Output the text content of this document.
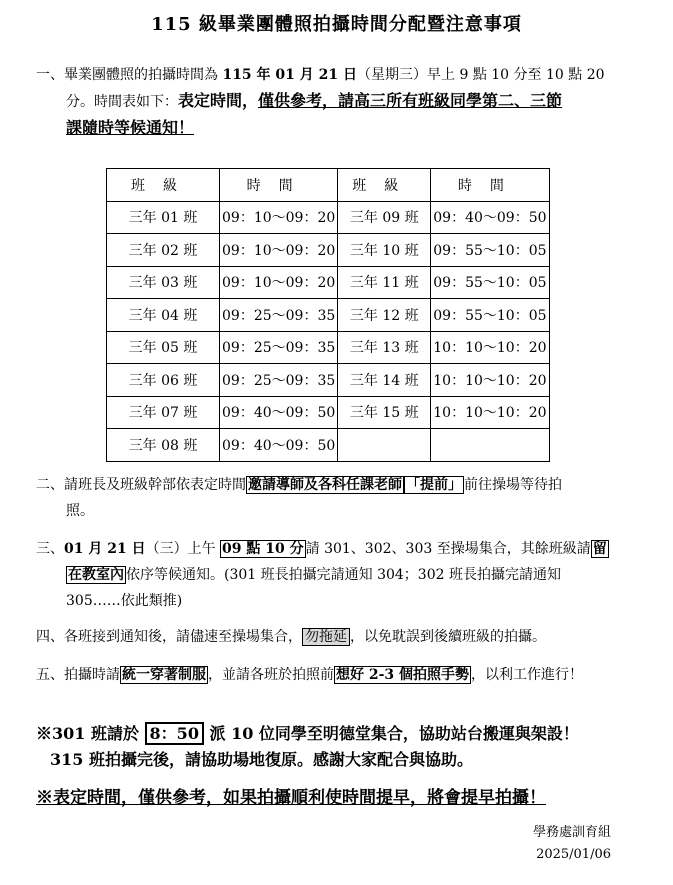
115 級畢業團體照拍攝時間分配暨注意事項
一、畢業團體照的拍攝時間為 115 年 01 月 21 日（星期三）早上 9 點 10 分至 10 點 20
分。時間表如下：表定時間，僅供參考，請高三所有班級同學第二、三節
課隨時等候通知！
班級	時間	班級	時間
三年 01 班	09：10～09：20	三年 09 班	09：40～09：50
三年 02 班	09：10～09：20	三年 10 班	09：55～10：05
三年 03 班	09：10～09：20	三年 11 班	09：55～10：05
三年 04 班	09：25～09：35	三年 12 班	09：55～10：05
三年 05 班	09：25～09：35	三年 13 班	10：10～10：20
三年 06 班	09：25～09：35	三年 14 班	10：10～10：20
三年 07 班	09：40～09：50	三年 15 班	10：10～10：20
三年 08 班	09：40～09：50		
二、請班長及班級幹部依表定時間 邀請導師及各科任課老師 「提前」 前往操場等待拍
照。
三、01 月 21 日（三）上午 09 點 10 分 請 301、302、303 至操場集合，其餘班級請 留
在教室內 依序等候通知。(301 班長拍攝完請通知 304；302 班長拍攝完請通知
305……依此類推)
四、各班接到通知後，請儘速至操場集合， 勿拖延 ，以免耽誤到後續班級的拍攝。
五、拍攝時請 統一穿著制服 ，並請各班於拍照前 想好 2-3 個拍照手勢 ，以利工作進行！
※301 班請於 8：50 派 10 位同學至明德堂集合，協助站台搬運與架設！
315 班拍攝完後，請協助場地復原。感謝大家配合與協助。
※表定時間，僅供參考，如果拍攝順利使時間提早，將會提早拍攝！
學務處訓育組
2025/01/06
